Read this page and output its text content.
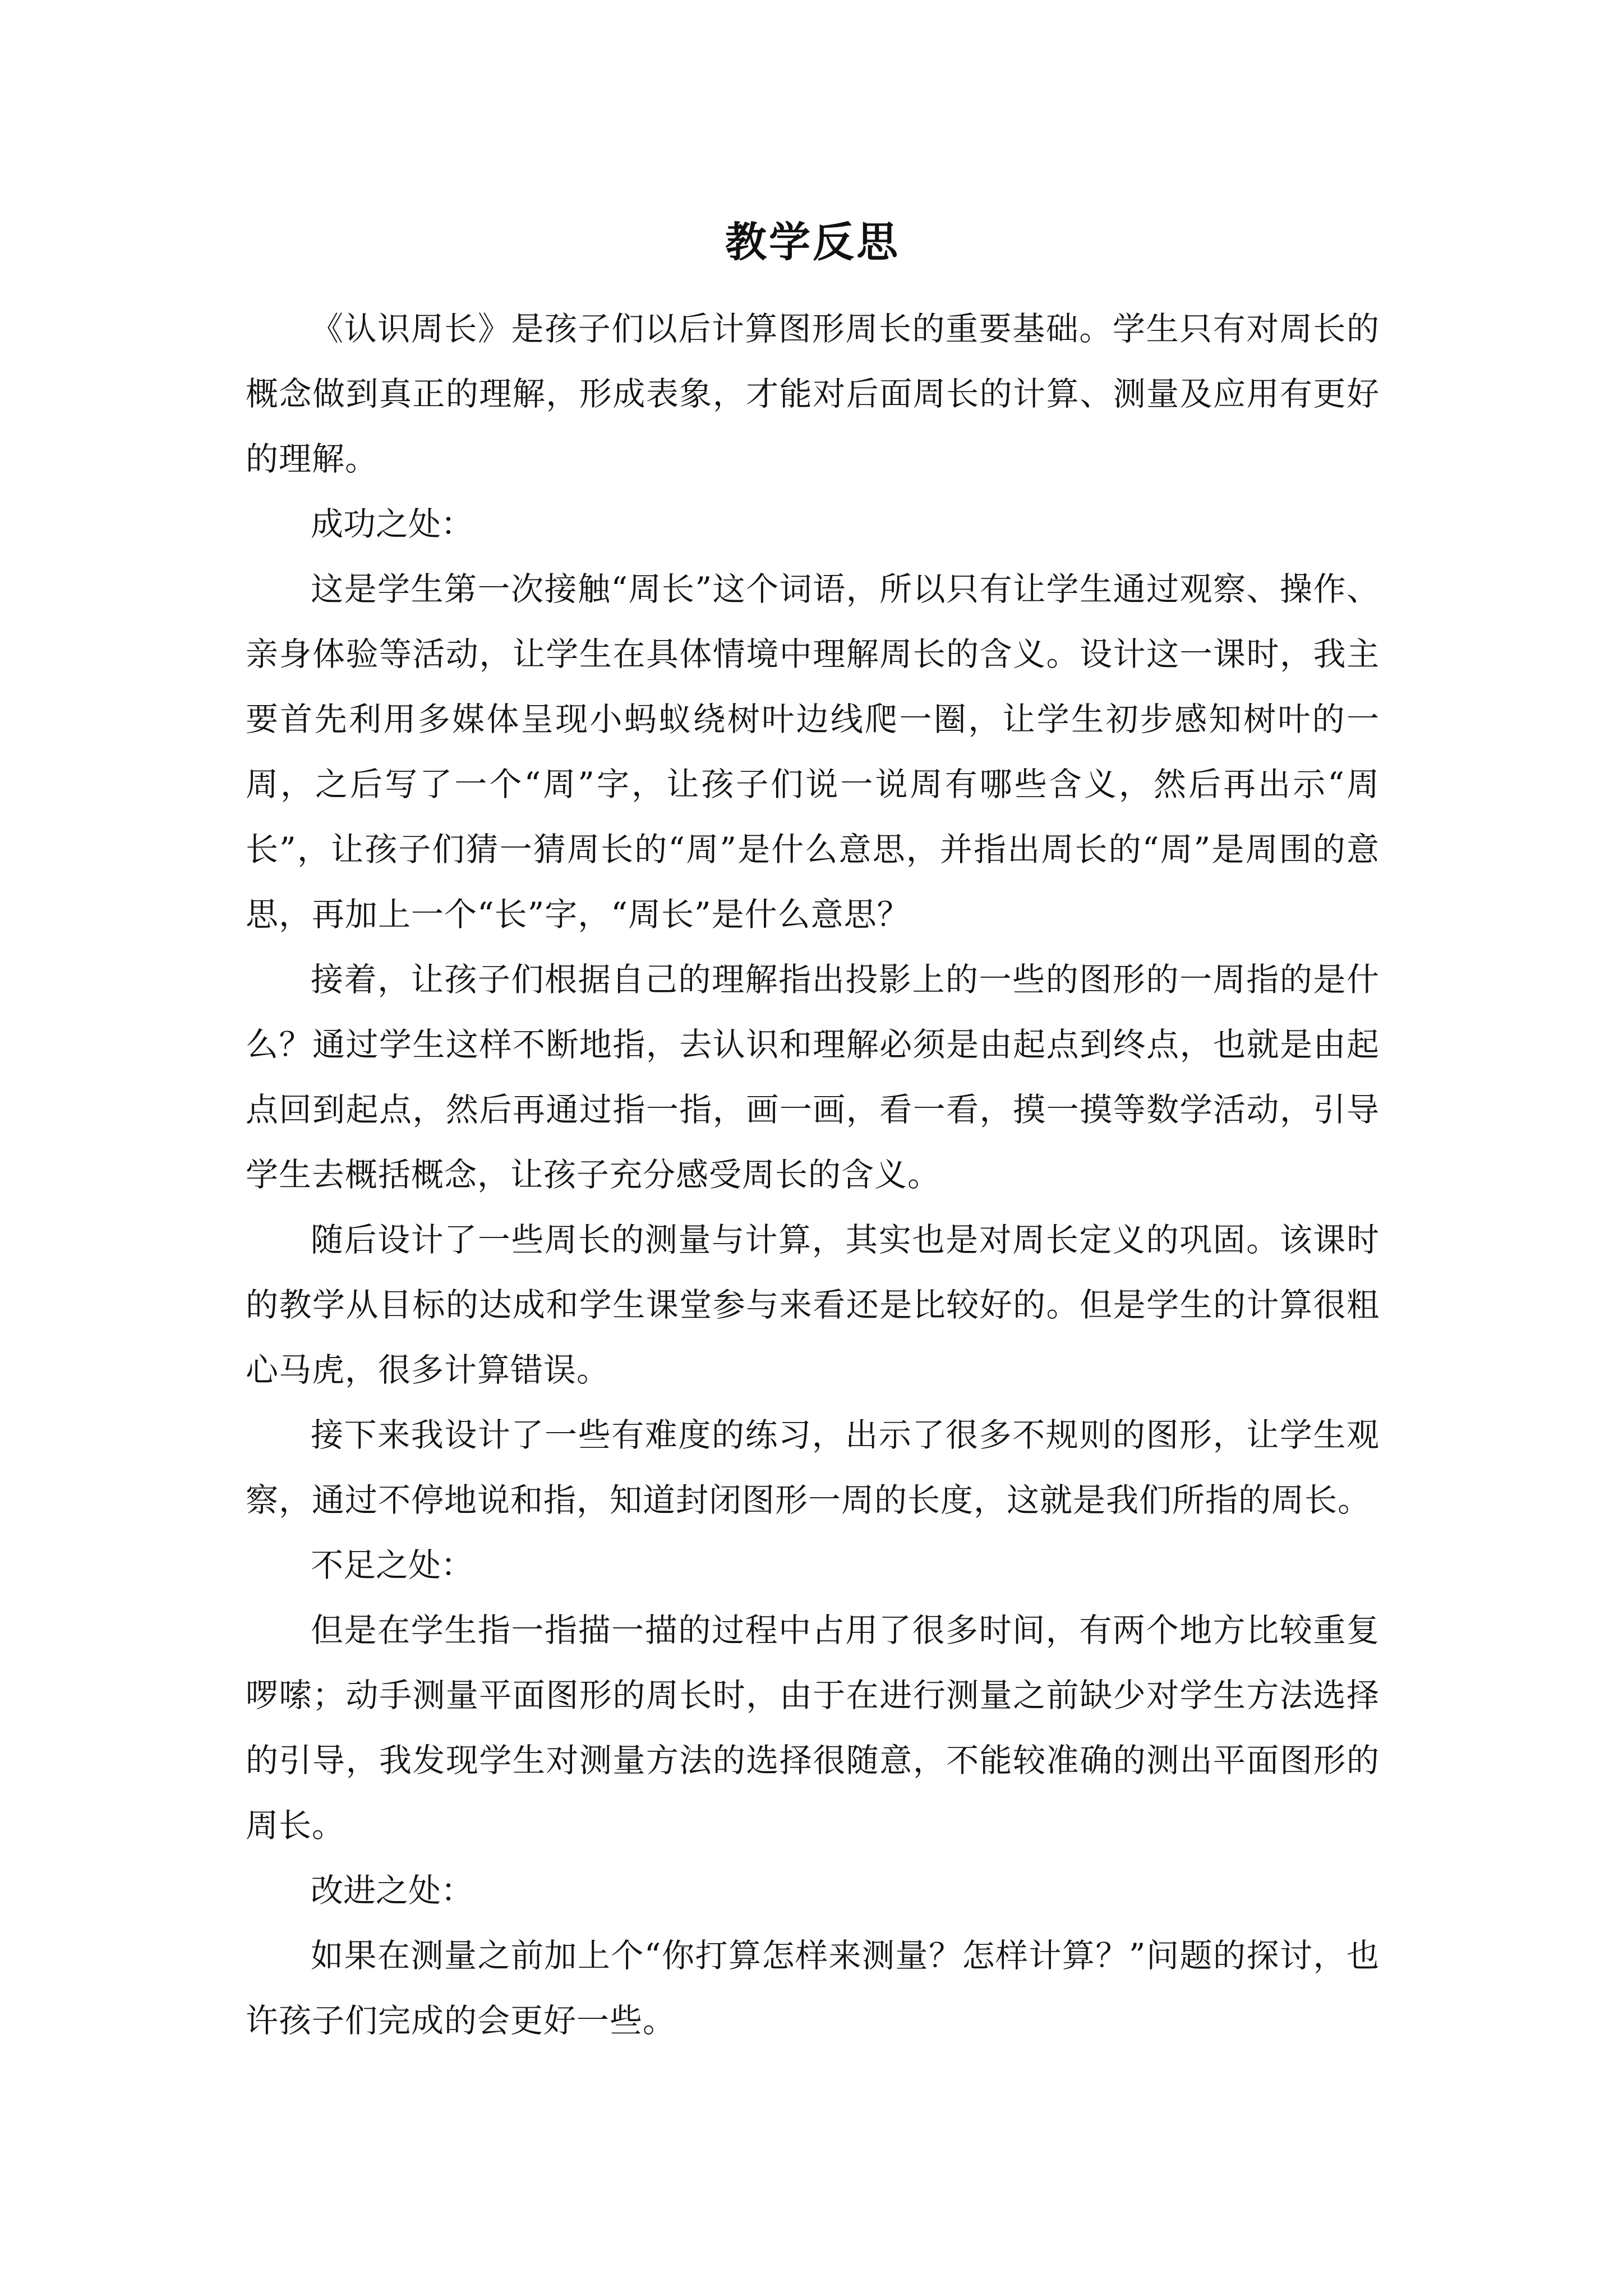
教学反思

《认识周长》是孩子们以后计算图形周长的重要基础。学生只有对周长的概念做到真正的理解，形成表象，才能对后面周长的计算、测量及应用有更好的理解。

成功之处：

这是学生第一次接触“周长”这个词语，所以只有让学生通过观察、操作、亲身体验等活动，让学生在具体情境中理解周长的含义。设计这一课时，我主要首先利用多媒体呈现小蚂蚁绕树叶边线爬一圈，让学生初步感知树叶的一周，之后写了一个“周”字，让孩子们说一说周有哪些含义，然后再出示“周长”，让孩子们猜一猜周长的“周”是什么意思，并指出周长的“周”是周围的意思，再加上一个“长”字，“周长”是什么意思？

接着，让孩子们根据自己的理解指出投影上的一些的图形的一周指的是什么？通过学生这样不断地指，去认识和理解必须是由起点到终点，也就是由起点回到起点，然后再通过指一指，画一画，看一看，摸一摸等数学活动，引导学生去概括概念，让孩子充分感受周长的含义。

随后设计了一些周长的测量与计算，其实也是对周长定义的巩固。该课时的教学从目标的达成和学生课堂参与来看还是比较好的。但是学生的计算很粗心马虎，很多计算错误。

接下来我设计了一些有难度的练习，出示了很多不规则的图形，让学生观察，通过不停地说和指，知道封闭图形一周的长度，这就是我们所指的周长。

不足之处：

但是在学生指一指描一描的过程中占用了很多时间，有两个地方比较重复啰嗦；动手测量平面图形的周长时，由于在进行测量之前缺少对学生方法选择的引导，我发现学生对测量方法的选择很随意，不能较准确的测出平面图形的周长。

改进之处：

如果在测量之前加上个“你打算怎样来测量？怎样计算？”问题的探讨，也许孩子们完成的会更好一些。
